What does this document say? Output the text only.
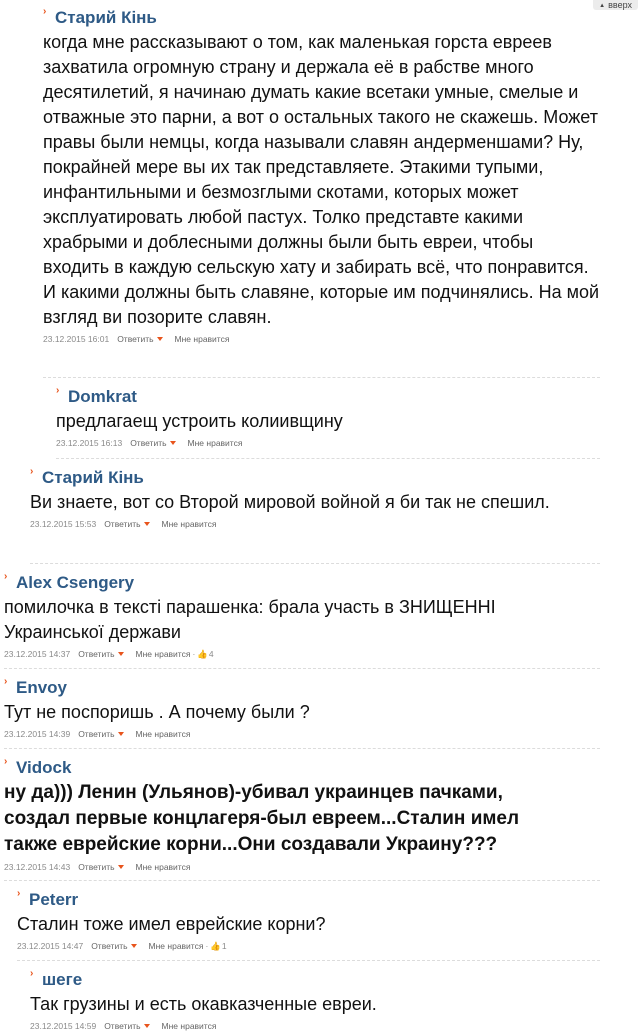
▲ вверх
› Старий Кінь
когда мне рассказывают о том, как маленькая горста евреев захватила огромную страну и держала её в рабстве много десятилетий, я начинаю думать какие всетаки умные, смелые и отважные это парни, а вот о остальных такого не скажешь. Может правы были немцы, когда называли славян андерменшами? Ну, покрайней мере вы их так представляете. Этакими тупыми, инфантильными и безмозглыми скотами, которых может эксплуатировать любой пастух. Толко представте какими храбрыми и доблесными должны были быть евреи, чтобы входить в каждую сельскую хату и забирать всё, что понравится. И какими должны быть славяне, которые им подчинялись. На мой взгляд ви позорите славян.
23.12.2015 16:01 Ответить Мне нравится
› Domkrat
предлагаещ устроить колиивщину
23.12.2015 16:13 Ответить Мне нравится
› Старий Кінь
Ви знаете, вот со Второй мировой войной я би так не спешил.
23.12.2015 15:53 Ответить Мне нравится
› Alex Csengery
помилочка в тексті парашенка: брала участь в ЗНИЩЕННІ Украинськoї держави
23.12.2015 14:37 Ответить Мне нравится · 👍4
› Envoy
Тут не поспоришь . А почему были ?
23.12.2015 14:39 Ответить Мне нравится
› Vidock
ну да))) Ленин (Ульянов)-убивал украинцев пачками, создал первые концлагеря-был евреем...Сталин имел также еврейские корни...Они создавали Украину???
23.12.2015 14:43 Ответить Мне нравится
› Peterr
Сталин тоже имел еврейские корни?
23.12.2015 14:47 Ответить Мне нравится · 👍1
› шеге
Так грузины и есть окавказченные евреи.
23.12.2015 14:59 Ответить Мне нравится
